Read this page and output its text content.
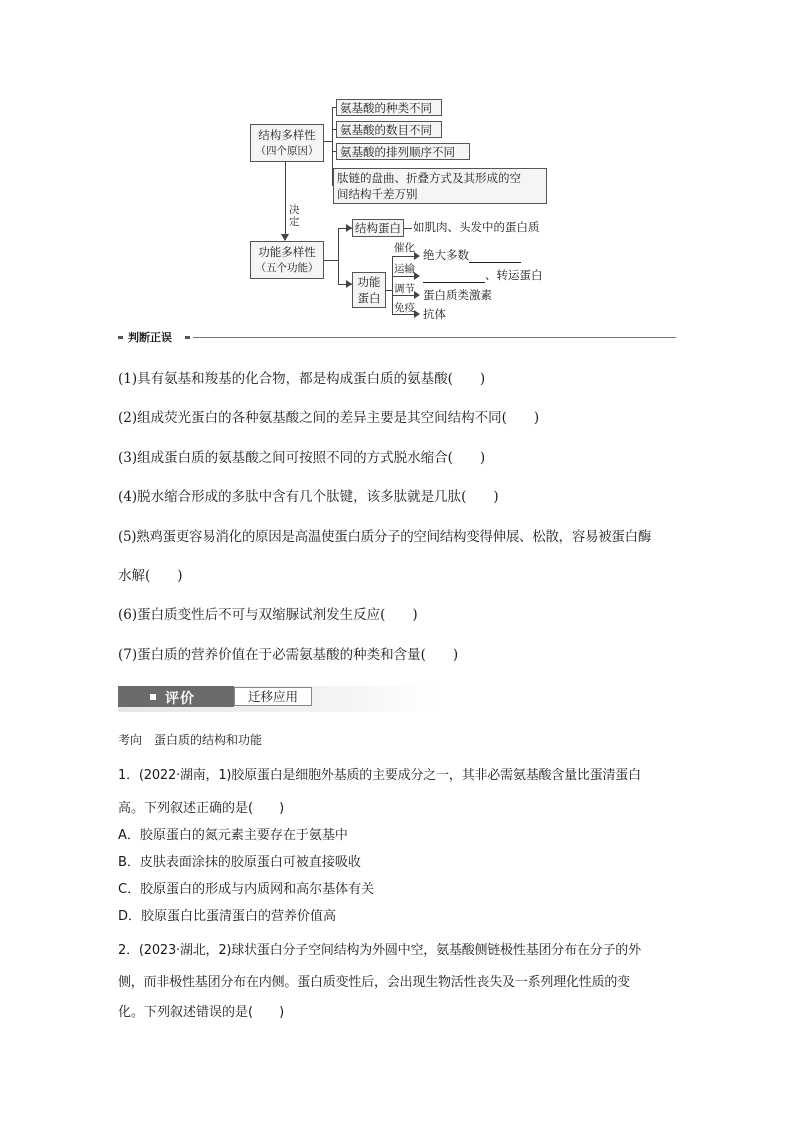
结构多样性
（四个原因）
氨基酸的种类不同
氨基酸的数目不同
氨基酸的排列顺序不同
肽链的盘曲、折叠方式及其形成的空
间结构千差万别
决定
功能多样性
（五个功能）
结构蛋白 如肌肉、头发中的蛋白质
功能
蛋白
催化 绝大多数
运输	、转运蛋白
调节 蛋白质类激素
免疫 抗体
判断正误
(1)具有氨基和羧基的化合物，都是构成蛋白质的氨基酸(　　)
(2)组成荧光蛋白的各种氨基酸之间的差异主要是其空间结构不同(　　)
(3)组成蛋白质的氨基酸之间可按照不同的方式脱水缩合(　　)
(4)脱水缩合形成的多肽中含有几个肽键，该多肽就是几肽(　　)
(5)熟鸡蛋更容易消化的原因是高温使蛋白质分子的空间结构变得伸展、松散，容易被蛋白酶
水解(　　)
(6)蛋白质变性后不可与双缩脲试剂发生反应(　　)
(7)蛋白质的营养价值在于必需氨基酸的种类和含量(　　)
评价	迁移应用
考向　蛋白质的结构和功能
1．(2022·湖南，1)胶原蛋白是细胞外基质的主要成分之一，其非必需氨基酸含量比蛋清蛋白
高。下列叙述正确的是(　　)
A．胶原蛋白的氮元素主要存在于氨基中
B．皮肤表面涂抹的胶原蛋白可被直接吸收
C．胶原蛋白的形成与内质网和高尔基体有关
D．胶原蛋白比蛋清蛋白的营养价值高
2．(2023·湖北，2)球状蛋白分子空间结构为外圆中空，氨基酸侧链极性基团分布在分子的外
侧，而非极性基团分布在内侧。蛋白质变性后，会出现生物活性丧失及一系列理化性质的变
化。下列叙述错误的是(　　)
